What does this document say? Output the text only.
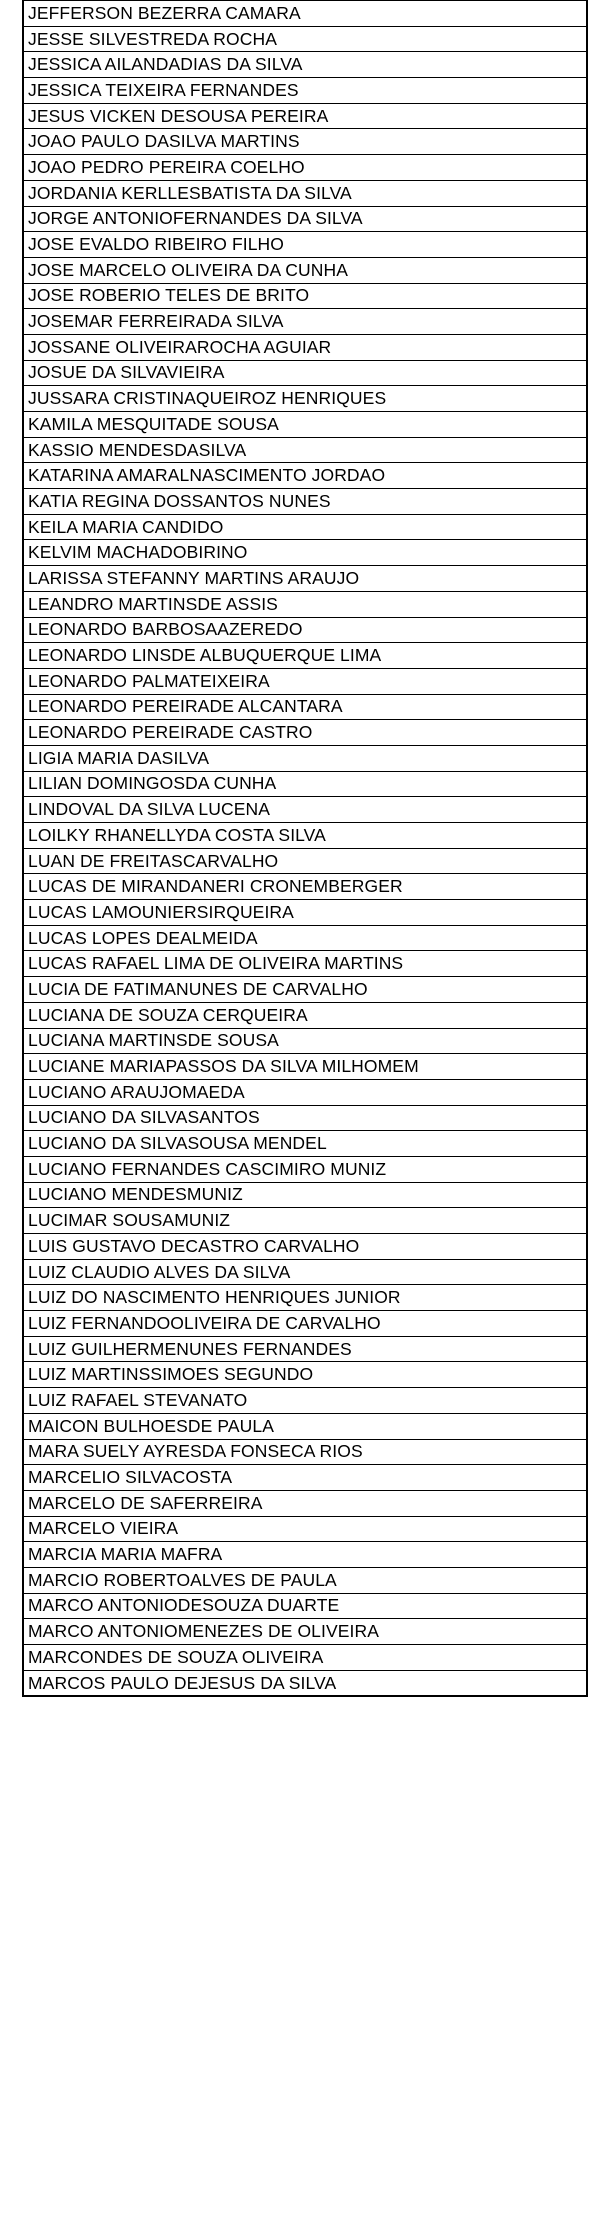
JEFFERSON BEZERRA CAMARA
JESSE SILVESTREDA ROCHA
JESSICA AILANDADIAS DA SILVA
JESSICA TEIXEIRA FERNANDES
JESUS VICKEN DESOUSA PEREIRA
JOAO PAULO DASILVA MARTINS
JOAO PEDRO PEREIRA COELHO
JORDANIA KERLLESBATISTA DA SILVA
JORGE ANTONIOFERNANDES DA SILVA
JOSE EVALDO RIBEIRO FILHO
JOSE MARCELO OLIVEIRA DA CUNHA
JOSE ROBERIO TELES DE BRITO
JOSEMAR FERREIRADA SILVA
JOSSANE OLIVEIRAROCHA AGUIAR
JOSUE DA SILVAVIEIRA
JUSSARA CRISTINAQUEIROZ HENRIQUES
KAMILA MESQUITADE SOUSA
KASSIO MENDESDASILVA
KATARINA AMARALNASCIMENTO JORDAO
KATIA REGINA DOSSANTOS NUNES
KEILA MARIA CANDIDO
KELVIM MACHADOBIRINO
LARISSA STEFANNY MARTINS ARAUJO
LEANDRO MARTINSDE ASSIS
LEONARDO BARBOSAAZEREDO
LEONARDO LINSDE ALBUQUERQUE LIMA
LEONARDO PALMATEIXEIRA
LEONARDO PEREIRADE ALCANTARA
LEONARDO PEREIRADE CASTRO
LIGIA MARIA DASILVA
LILIAN DOMINGOSDA CUNHA
LINDOVAL DA SILVA LUCENA
LOILKY RHANELLYDA COSTA SILVA
LUAN DE FREITASCARVALHO
LUCAS DE MIRANDANERI CRONEMBERGER
LUCAS LAMOUNIERSIRQUEIRA
LUCAS LOPES DEALMEIDA
LUCAS RAFAEL LIMA DE OLIVEIRA MARTINS
LUCIA DE FATIMANUNES DE CARVALHO
LUCIANA DE SOUZA CERQUEIRA
LUCIANA MARTINSDE SOUSA
LUCIANE MARIAPASSOS DA SILVA MILHOMEM
LUCIANO ARAUJOMAEDA
LUCIANO DA SILVASANTOS
LUCIANO DA SILVASOUSA MENDEL
LUCIANO FERNANDES CASCIMIRO MUNIZ
LUCIANO MENDESMUNIZ
LUCIMAR SOUSAMUNIZ
LUIS GUSTAVO DECASTRO CARVALHO
LUIZ CLAUDIO ALVES DA SILVA
LUIZ DO NASCIMENTO HENRIQUES JUNIOR
LUIZ FERNANDOOLIVEIRA DE CARVALHO
LUIZ GUILHERMENUNES FERNANDES
LUIZ MARTINSSIMOES SEGUNDO
LUIZ RAFAEL STEVANATO
MAICON BULHOESDE PAULA
MARA SUELY AYRESDA FONSECA RIOS
MARCELIO SILVACOSTA
MARCELO DE SAFERREIRA
MARCELO VIEIRA
MARCIA MARIA MAFRA
MARCIO ROBERTOALVES DE PAULA
MARCO ANTONIODESOUZA DUARTE
MARCO ANTONIOMENEZES DE OLIVEIRA
MARCONDES DE SOUZA OLIVEIRA
MARCOS PAULO DEJESUS DA SILVA
